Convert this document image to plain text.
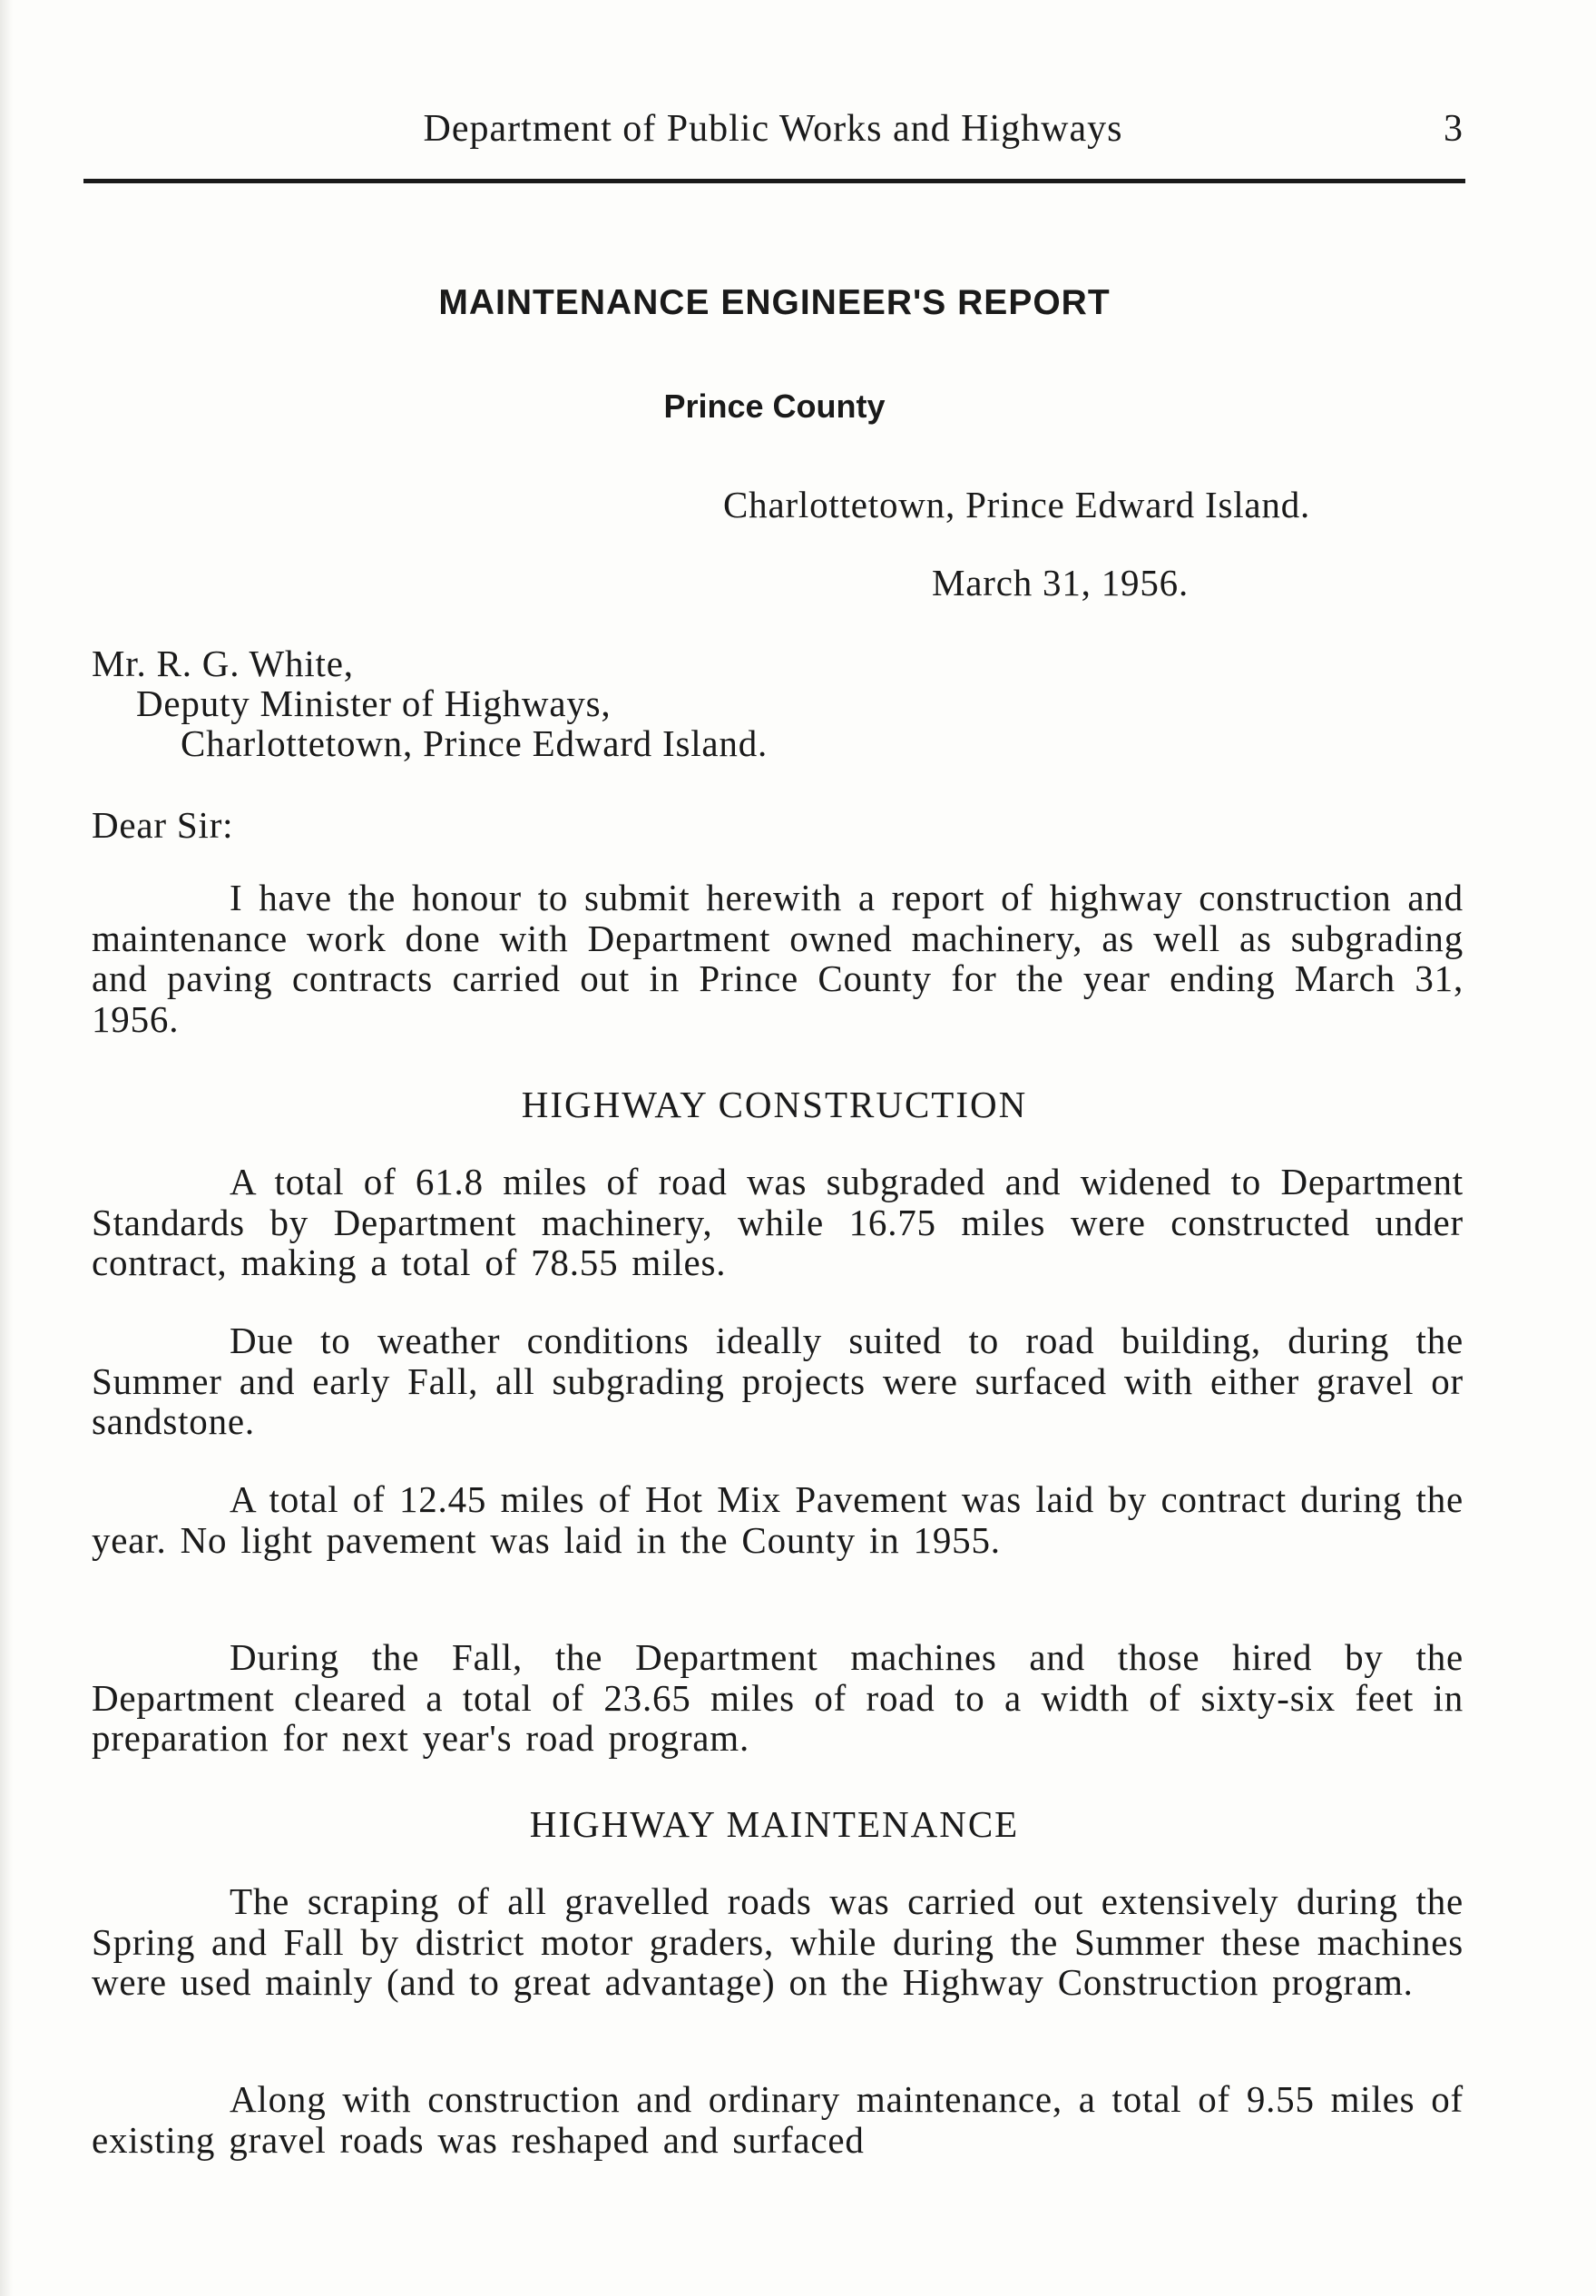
Department of Public Works and Highways	3
MAINTENANCE ENGINEER'S REPORT
Prince County
Charlottetown, Prince Edward Island.
March 31, 1956.
Mr. R. G. White,
Deputy Minister of Highways,
Charlottetown, Prince Edward Island.
Dear Sir:

I have the honour to submit herewith a report of highway construction and maintenance work done with Department owned machinery, as well as subgrading and paving contracts carried out in Prince County for the year ending March 31, 1956.

HIGHWAY CONSTRUCTION

A total of 61.8 miles of road was subgraded and widened to Department Standards by Department machinery, while 16.75 miles were constructed under contract, making a total of 78.55 miles.

Due to weather conditions ideally suited to road building, during the Summer and early Fall, all subgrading projects were surfaced with either gravel or sandstone.

A total of 12.45 miles of Hot Mix Pavement was laid by contract during the year. No light pavement was laid in the County in 1955.

During the Fall, the Department machines and those hired by the Department cleared a total of 23.65 miles of road to a width of sixty-six feet in preparation for next year's road program.

HIGHWAY MAINTENANCE

The scraping of all gravelled roads was carried out extensively during the Spring and Fall by district motor graders, while during the Summer these machines were used mainly (and to great advantage) on the Highway Construction program.

Along with construction and ordinary maintenance, a total of 9.55 miles of existing gravel roads was reshaped and surfaced
